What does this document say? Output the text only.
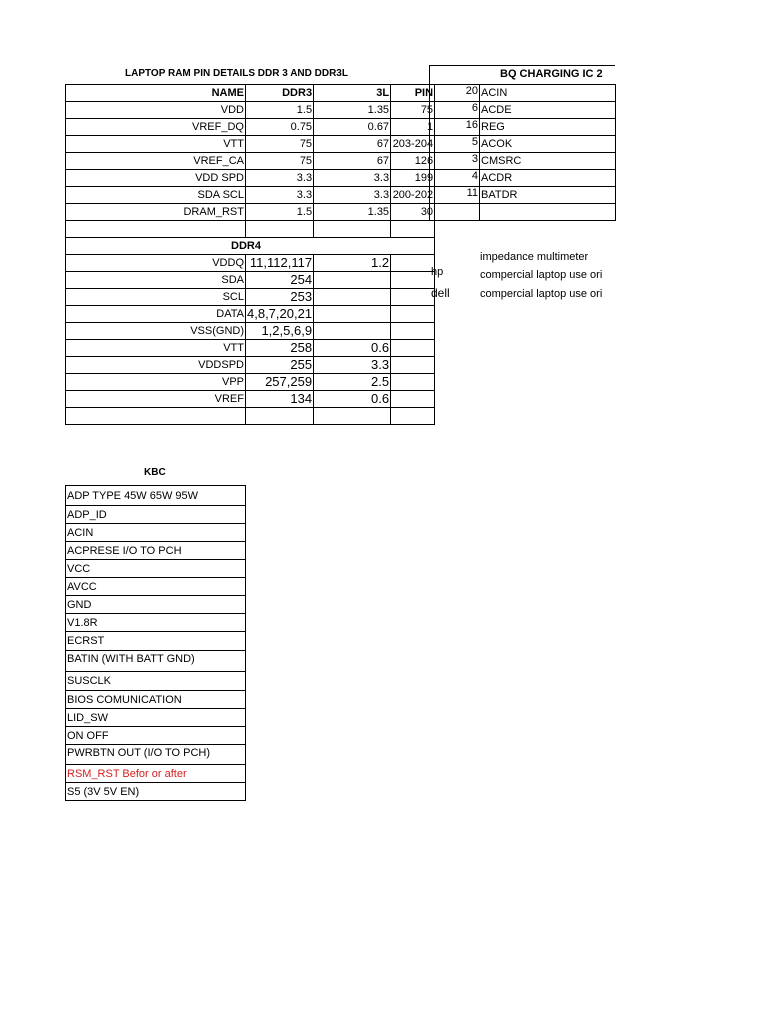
LAPTOP RAM PIN DETAILS DDR 3 AND DDR3L	BQ CHARGING IC 2
NAME	DDR3	3L	PIN
VDD	1.5	1.35	75
VREF_DQ	0.75	0.67	1
VTT	75	67	203-204
VREF_CA	75	67	126
VDD SPD	3.3	3.3	199
SDA SCL	3.3	3.3	200-202
DRAM_RST	1.5	1.35	30

DDR4			
VDDQ	11,112,117	1.2	
SDA	254		
SCL	253		
DATA	4,8,7,20,21		
VSS(GND)	1,2,5,6,9		
VTT	258	0.6	
VDDSPD	255	3.3	
VPP	257,259	2.5	
VREF	134	0.6	

20	ACIN
6	ACDE
16	REG
5	ACOK
3	CMSRC
4	ACDR
11	BATDR

impedance multimeter
hp	compercial laptop use ori
dell	compercial laptop use ori
KBC
ADP TYPE 45W 65W 95W
ADP_ID
ACIN
ACPRESE I/O TO PCH
VCC
AVCC
GND
V1.8R
ECRST
BATIN (WITH BATT GND)
SUSCLK
BIOS COMUNICATION
LID_SW
ON OFF
PWRBTN OUT (I/O TO PCH)
RSM_RST Befor or after
S5 (3V 5V EN)
